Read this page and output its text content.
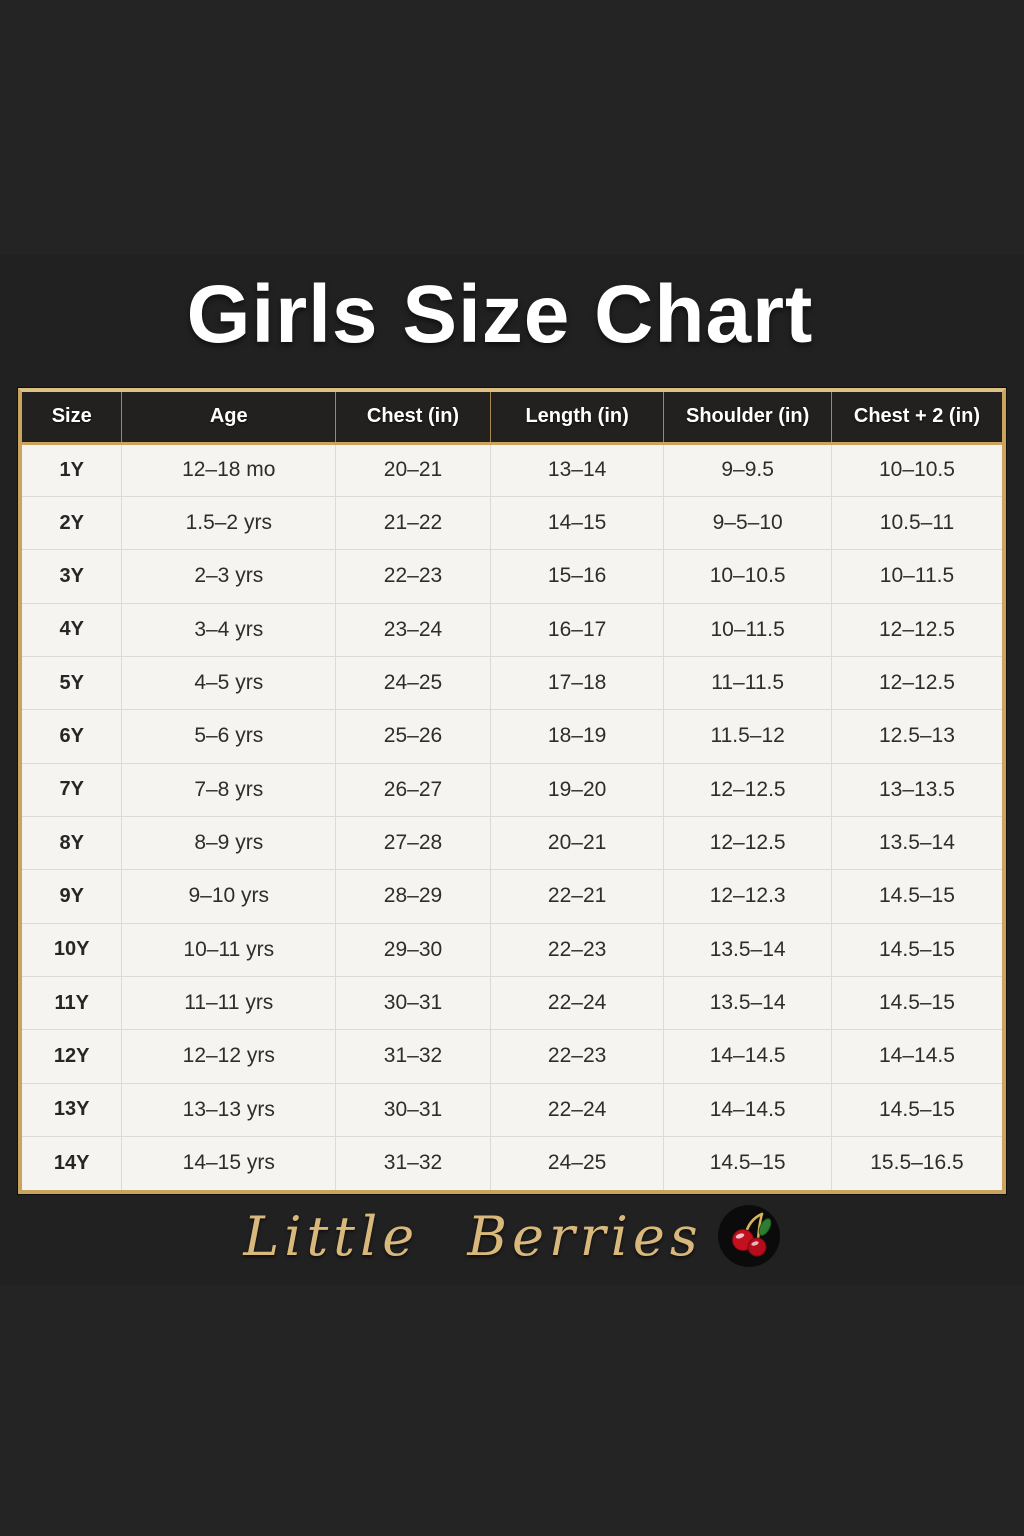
Girls Size Chart
Size	Age	Chest (in)	Length (in)	Shoulder (in)	Chest + 2 (in)
1Y	12–18 mo	20–21	13–14	9–9.5	10–10.5
2Y	1.5–2 yrs	21–22	14–15	9–5–10	10.5–11
3Y	2–3 yrs	22–23	15–16	10–10.5	10–11.5
4Y	3–4 yrs	23–24	16–17	10–11.5	12–12.5
5Y	4–5 yrs	24–25	17–18	11–11.5	12–12.5
6Y	5–6 yrs	25–26	18–19	11.5–12	12.5–13
7Y	7–8 yrs	26–27	19–20	12–12.5	13–13.5
8Y	8–9 yrs	27–28	20–21	12–12.5	13.5–14
9Y	9–10 yrs	28–29	22–21	12–12.3	14.5–15
10Y	10–11 yrs	29–30	22–23	13.5–14	14.5–15
11Y	11–11 yrs	30–31	22–24	13.5–14	14.5–15
12Y	12–12 yrs	31–32	22–23	14–14.5	14–14.5
13Y	13–13 yrs	30–31	22–24	14–14.5	14.5–15
14Y	14–15 yrs	31–32	24–25	14.5–15	15.5–16.5
Little Berries
